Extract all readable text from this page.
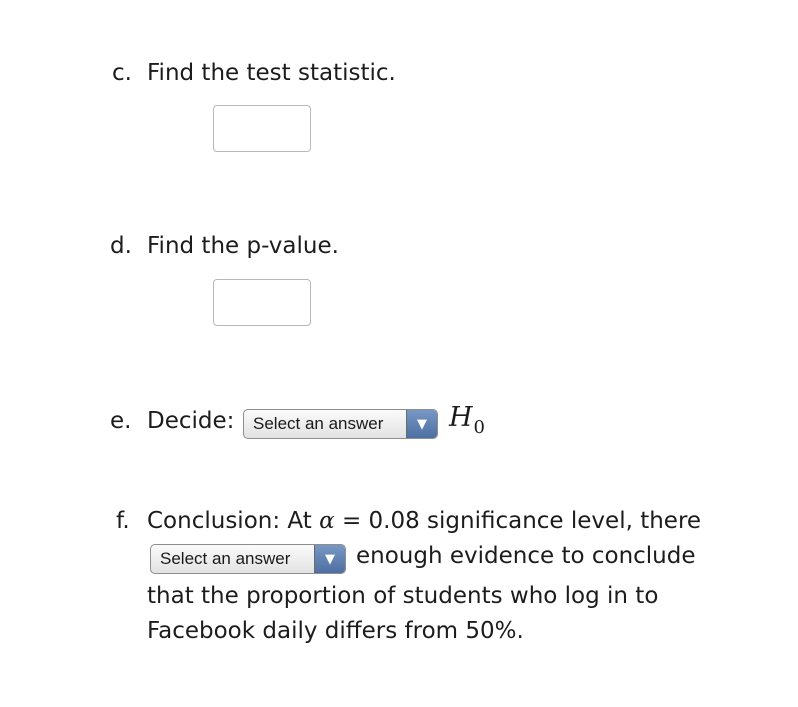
c. Find the test statistic.
d. Find the p-value.
e. Decide:	Select an answer	▼ $H_0$
f. Conclusion: At α = 0.08 significance level, there
Select an answer	▼ enough evidence to conclude
that the proportion of students who log in to
Facebook daily differs from 50%.
